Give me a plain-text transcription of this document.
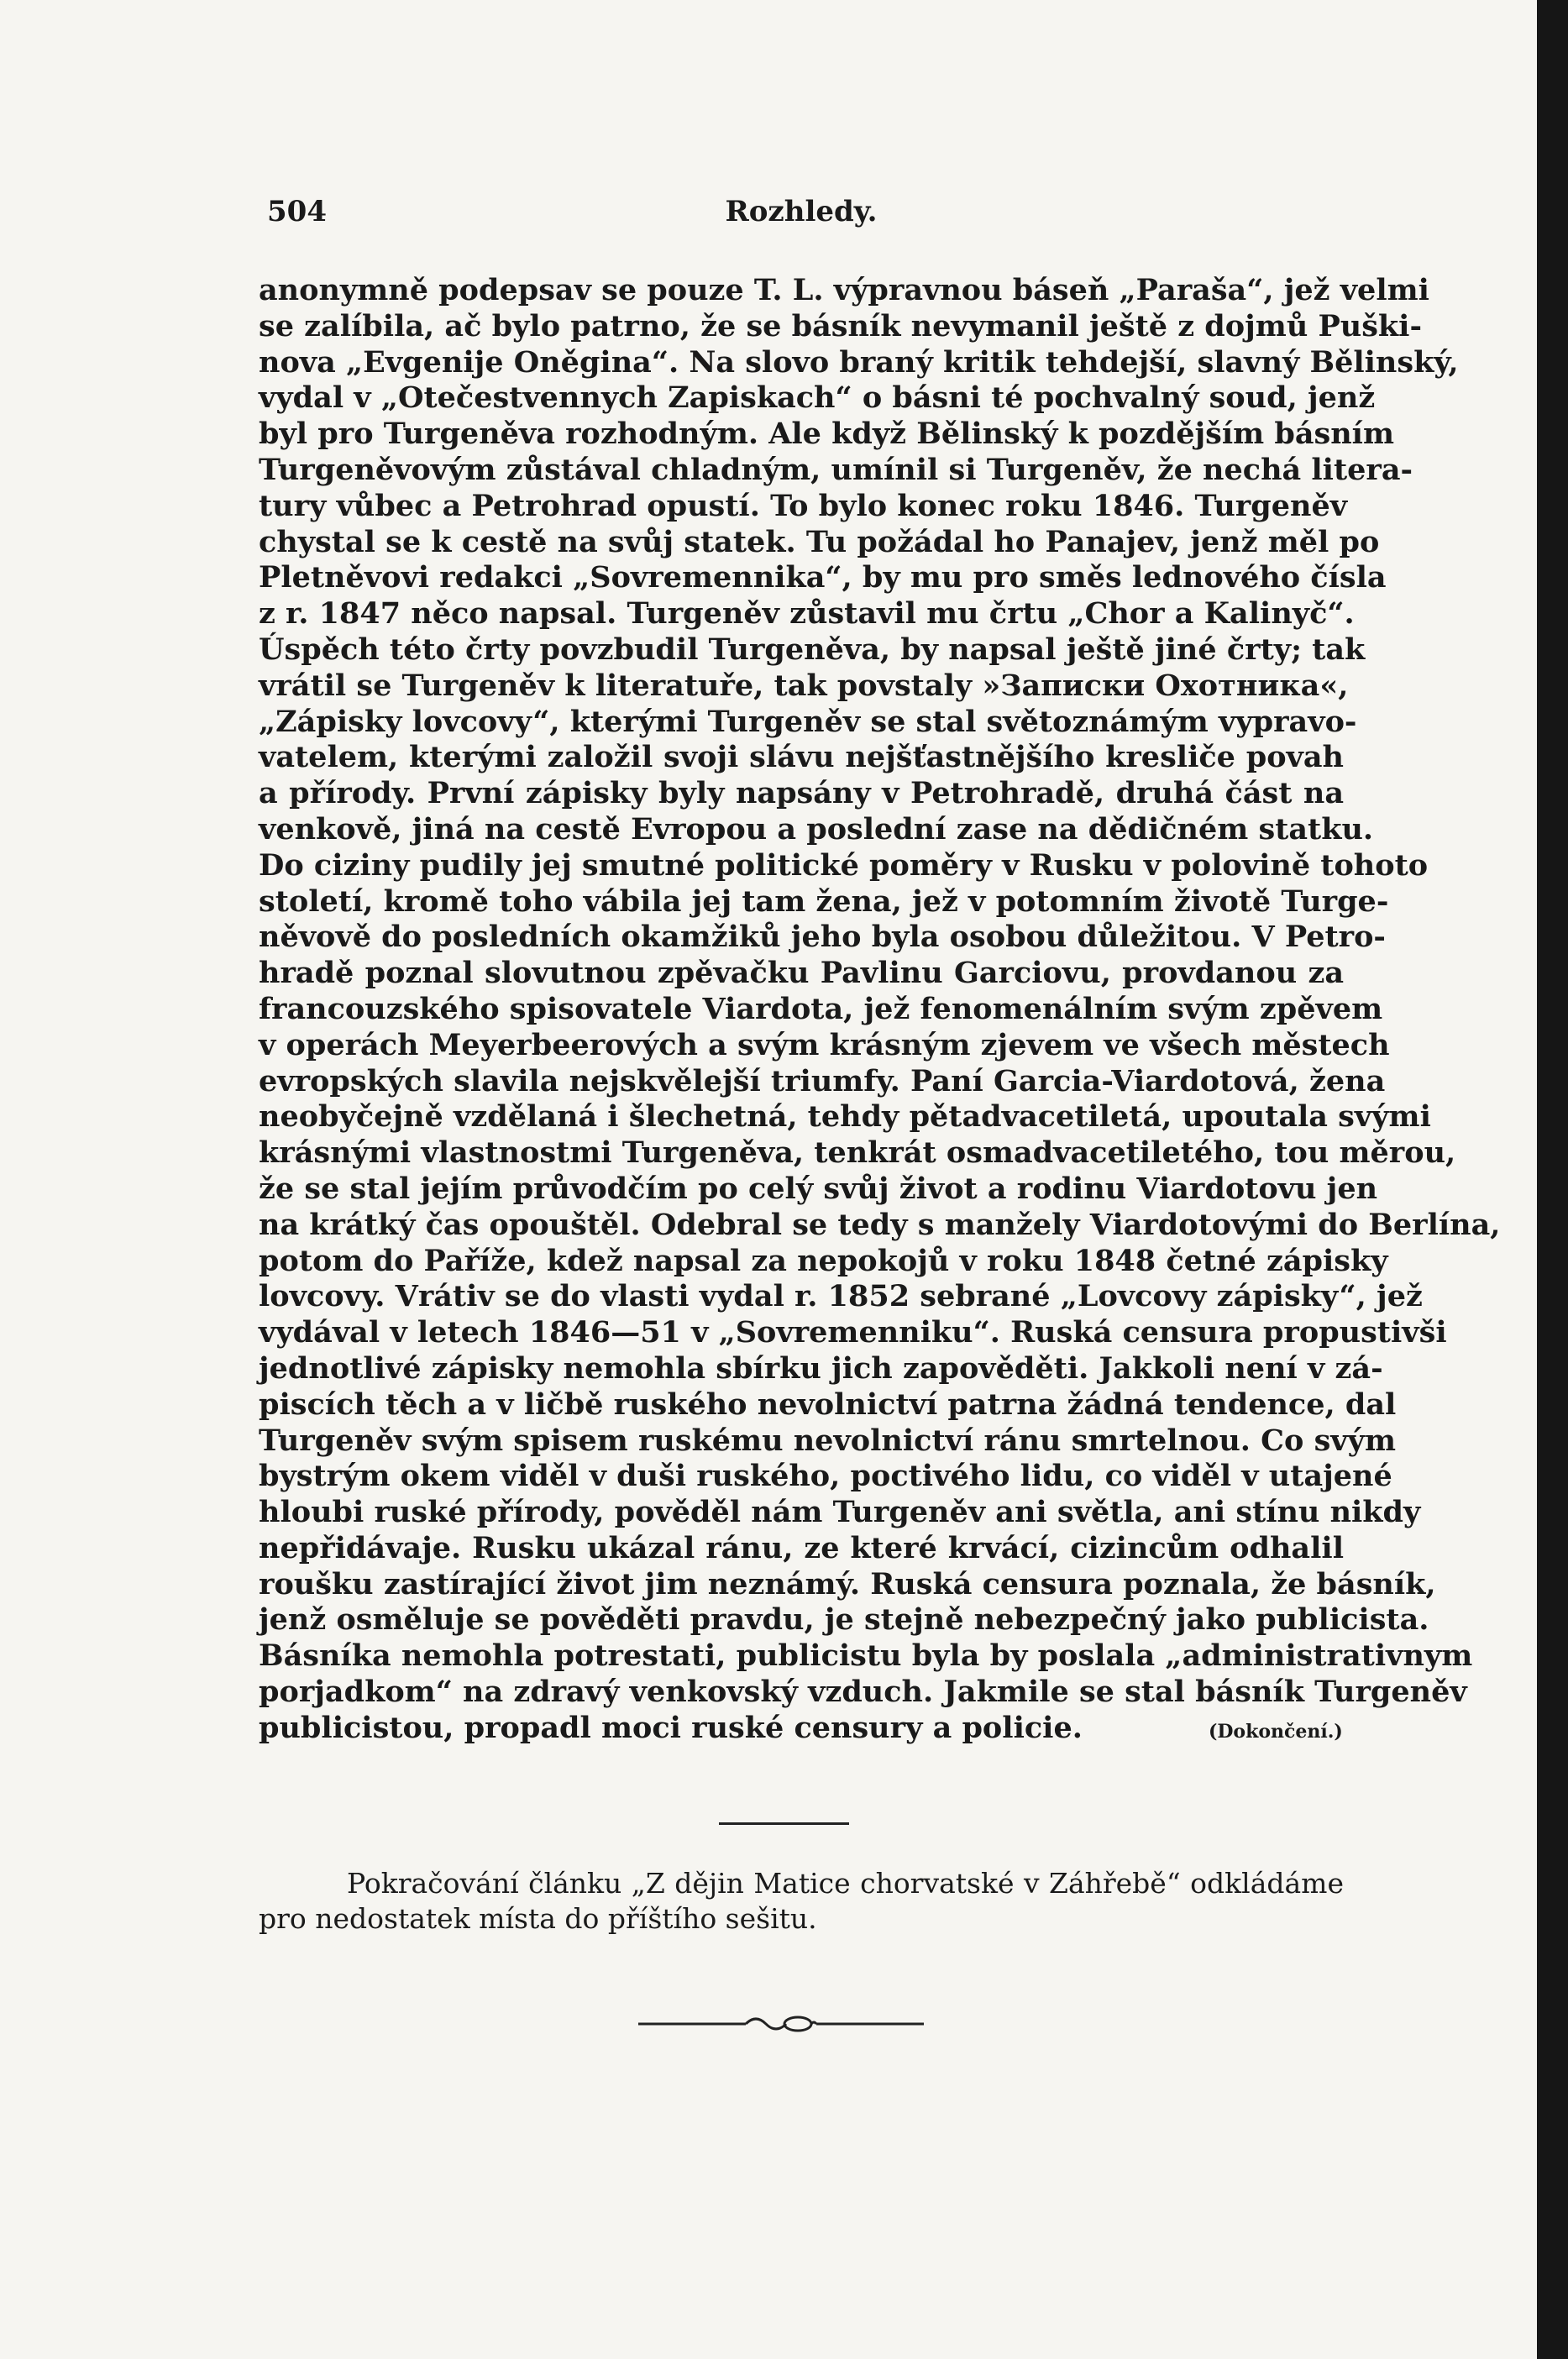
504	Rozhledy.
anonymně podepsav se pouze T. L. výpravnou báseň „Paraša“, jež velmi
se zalíbila, ač bylo patrno, že se básník nevymanil ještě z dojmů Puški-
nova „Evgenije Oněgina“. Na slovo braný kritik tehdejší, slavný Bělinský,
vydal v „Otečestvennych Zapiskach“ o básni té pochvalný soud, jenž
byl pro Turgeněva rozhodným. Ale když Bělinský k pozdějším básním
Turgeněvovým zůstával chladným, umínil si Turgeněv, že nechá litera-
tury vůbec a Petrohrad opustí. To bylo konec roku 1846. Turgeněv
chystal se k cestě na svůj statek. Tu požádal ho Panajev, jenž měl po
Pletněvovi redakci „Sovremennika“, by mu pro směs lednového čísla
z r. 1847 něco napsal. Turgeněv zůstavil mu črtu „Chor a Kalinyč“.
Úspěch této črty povzbudil Turgeněva, by napsal ještě jiné črty; tak
vrátil se Turgeněv k literatuře, tak povstaly »Записки Охотника«,
„Zápisky lovcovy“, kterými Turgeněv se stal světoznámým vypravo-
vatelem, kterými založil svoji slávu nejšťastnějšího kresliče povah
a přírody. První zápisky byly napsány v Petrohradě, druhá část na
venkově, jiná na cestě Evropou a poslední zase na dědičném statku.
Do ciziny pudily jej smutné politické poměry v Rusku v polovině tohoto
století, kromě toho vábila jej tam žena, jež v potomním životě Turge-
něvově do posledních okamžiků jeho byla osobou důležitou. V Petro-
hradě poznal slovutnou zpěvačku Pavlinu Garciovu, provdanou za
francouzského spisovatele Viardota, jež fenomenálním svým zpěvem
v operách Meyerbeerových a svým krásným zjevem ve všech městech
evropských slavila nejskvělejší triumfy. Paní Garcia-Viardotová, žena
neobyčejně vzdělaná i šlechetná, tehdy pětadvacetiletá, upoutala svými
krásnými vlastnostmi Turgeněva, tenkrát osmadvacetiletého, tou měrou,
že se stal jejím průvodčím po celý svůj život a rodinu Viardotovu jen
na krátký čas opouštěl. Odebral se tedy s manžely Viardotovými do Berlína,
potom do Paříže, kdež napsal za nepokojů v roku 1848 četné zápisky
lovcovy. Vrátiv se do vlasti vydal r. 1852 sebrané „Lovcovy zápisky“, jež
vydával v letech 1846—51 v „Sovremenniku“. Ruská censura propustivši
jednotlivé zápisky nemohla sbírku jich zapověděti. Jakkoli není v zá-
piscích těch a v ličbě ruského nevolnictví patrna žádná tendence, dal
Turgeněv svým spisem ruskému nevolnictví ránu smrtelnou. Co svým
bystrým okem viděl v duši ruského, poctivého lidu, co viděl v utajené
hloubi ruské přírody, pověděl nám Turgeněv ani světla, ani stínu nikdy
nepřidávaje. Rusku ukázal ránu, ze které krvácí, cizincům odhalil
roušku zastírající život jim neznámý. Ruská censura poznala, že básník,
jenž osměluje se pověděti pravdu, je stejně nebezpečný jako publicista.
Básníka nemohla potrestati, publicistu byla by poslala „administrativnym
porjadkom“ na zdravý venkovský vzduch. Jakmile se stal básník Turgeněv
publicistou, propadl moci ruské censury a policie.	(Dokončení.)
Pokračování článku „Z dějin Matice chorvatské v Záhřebě“ odkládáme
pro nedostatek místa do příštího sešitu.
